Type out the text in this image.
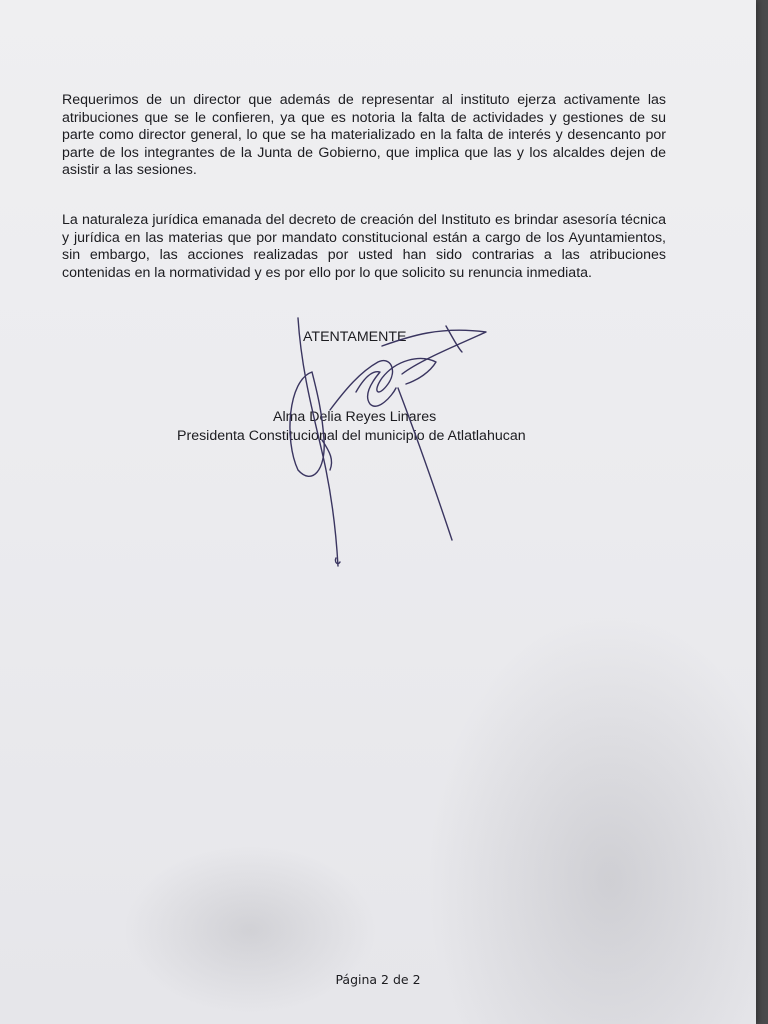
Requerimos de un director que además de representar al instituto ejerza activamente las atribuciones que se le confieren, ya que es notoria la falta de actividades y gestiones de su parte como director general, lo que se ha materializado en la falta de interés y desencanto por parte de los integrantes de la Junta de Gobierno, que implica que las y los alcaldes dejen de asistir a las sesiones.

La naturaleza jurídica emanada del decreto de creación del Instituto es brindar asesoría técnica y jurídica en las materias que por mandato constitucional están a cargo de los Ayuntamientos, sin embargo, las acciones realizadas por usted han sido contrarias a las atribuciones contenidas en la normatividad y es por ello por lo que solicito su renuncia inmediata.

ATENTAMENTE

Alma Delia Reyes Linares

Presidenta Constitucional del municipio de Atlatlahucan

Página 2 de 2
